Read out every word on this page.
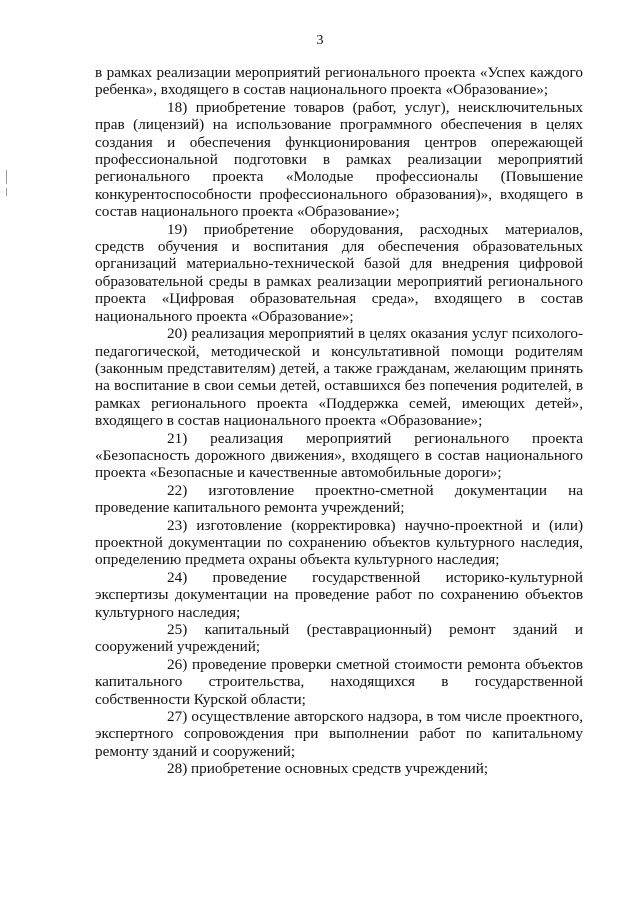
3

в рамках реализации мероприятий регионального проекта «Успех каждого ребенка», входящего в состав национального проекта «Образование»;

18) приобретение товаров (работ, услуг), неисключительных прав (лицензий) на использование программного обеспечения в целях создания и обеспечения функционирования центров опережающей профессиональной подготовки в рамках реализации мероприятий регионального проекта «Молодые профессионалы (Повышение конкурентоспособности профессионального образования)», входящего в состав национального проекта «Образование»;

19) приобретение оборудования, расходных материалов, средств обучения и воспитания для обеспечения образовательных организаций материально-технической базой для внедрения цифровой образовательной среды в рамках реализации мероприятий регионального проекта «Цифровая образовательная среда», входящего в состав национального проекта «Образование»;

20) реализация мероприятий в целях оказания услуг психолого-педагогической, методической и консультативной помощи родителям (законным представителям) детей, а также гражданам, желающим принять на воспитание в свои семьи детей, оставшихся без попечения родителей, в рамках регионального проекта «Поддержка семей, имеющих детей», входящего в состав национального проекта «Образование»;

21) реализация мероприятий регионального проекта «Безопасность дорожного движения», входящего в состав национального проекта «Безопасные и качественные автомобильные дороги»;

22) изготовление проектно-сметной документации на проведение капитального ремонта учреждений;

23) изготовление (корректировка) научно-проектной и (или) проектной документации по сохранению объектов культурного наследия, определению предмета охраны объекта культурного наследия;

24) проведение государственной историко-культурной экспертизы документации на проведение работ по сохранению объектов культурного наследия;

25) капитальный (реставрационный) ремонт зданий и сооружений учреждений;

26) проведение проверки сметной стоимости ремонта объектов капитального строительства, находящихся в государственной собственности Курской области;

27) осуществление авторского надзора, в том числе проектного, экспертного сопровождения при выполнении работ по капитальному ремонту зданий и сооружений;

28) приобретение основных средств учреждений;
